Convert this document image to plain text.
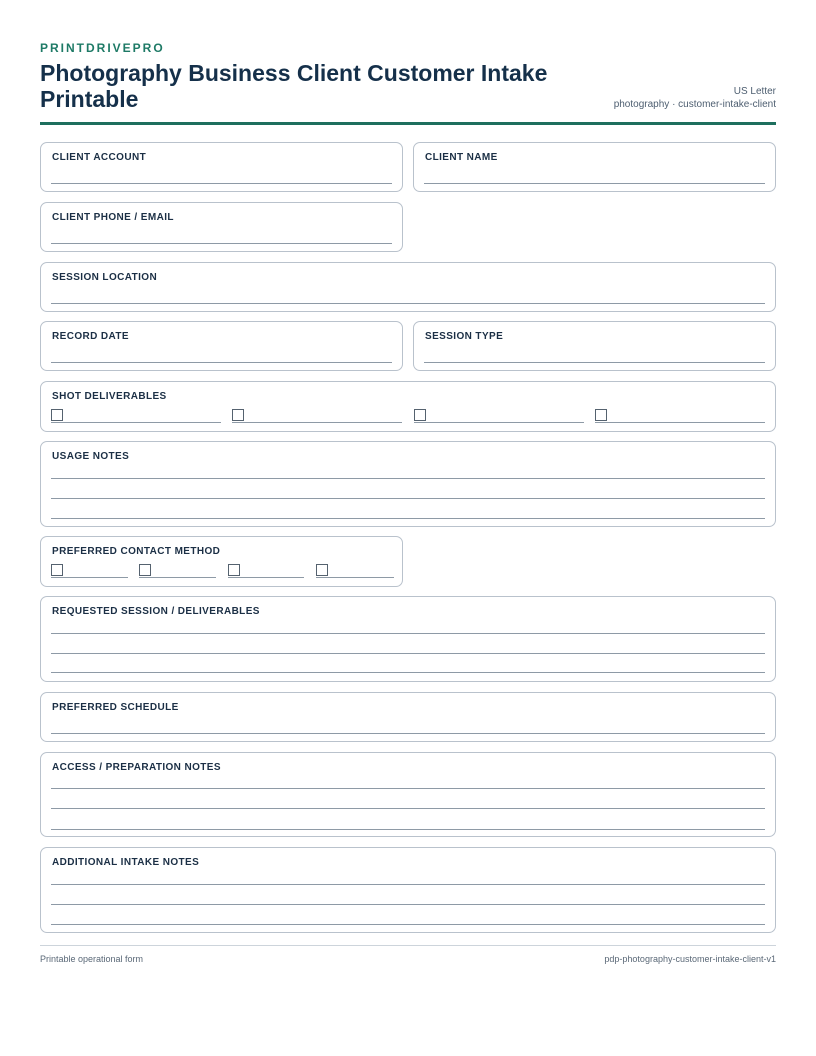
PRINTDRIVEPRO
Photography Business Client Customer Intake Printable	US Letter
photography · customer-intake-client
CLIENT ACCOUNT	CLIENT NAME
CLIENT PHONE / EMAIL
SESSION LOCATION
RECORD DATE	SESSION TYPE
SHOT DELIVERABLES
USAGE NOTES
PREFERRED CONTACT METHOD
REQUESTED SESSION / DELIVERABLES
PREFERRED SCHEDULE
ACCESS / PREPARATION NOTES
ADDITIONAL INTAKE NOTES
Printable operational form	pdp-photography-customer-intake-client-v1
